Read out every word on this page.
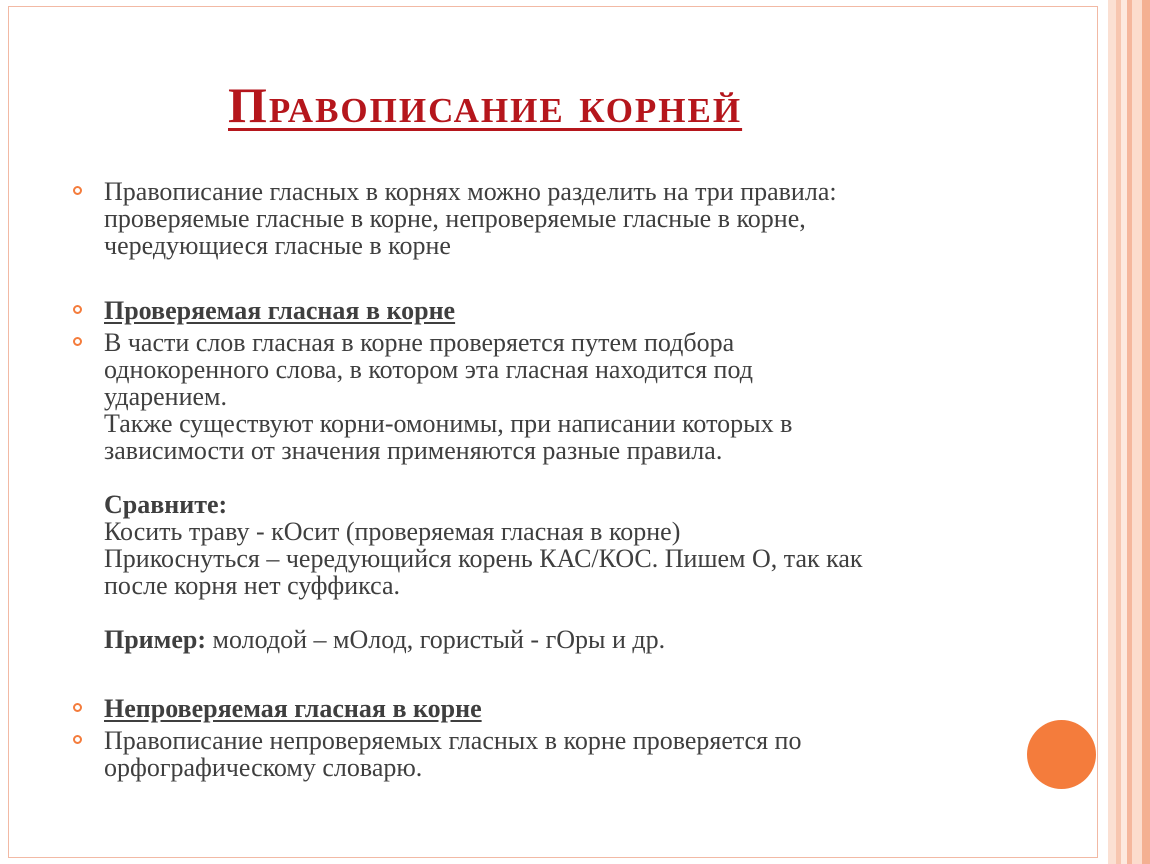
Правописание корней
Правописание гласных в корнях можно разделить на три правила:
проверяемые гласные в корне, непроверяемые гласные в корне,
чередующиеся гласные в корне
Проверяемая гласная в корне
В части слов гласная в корне проверяется путем подбора
однокоренного слова, в котором эта гласная находится под
ударением.
Также существуют корни-омонимы, при написании которых в
зависимости от значения применяются разные правила.
Сравните:
Косить траву - кОсит (проверяемая гласная в корне)
Прикоснуться – чередующийся корень КАС/КОС. Пишем О, так как
после корня нет суффикса.
Пример: молодой – мОлод, гористый - гОры и др.
Непроверяемая гласная в корне
Правописание непроверяемых гласных в корне проверяется по
орфографическому словарю.
